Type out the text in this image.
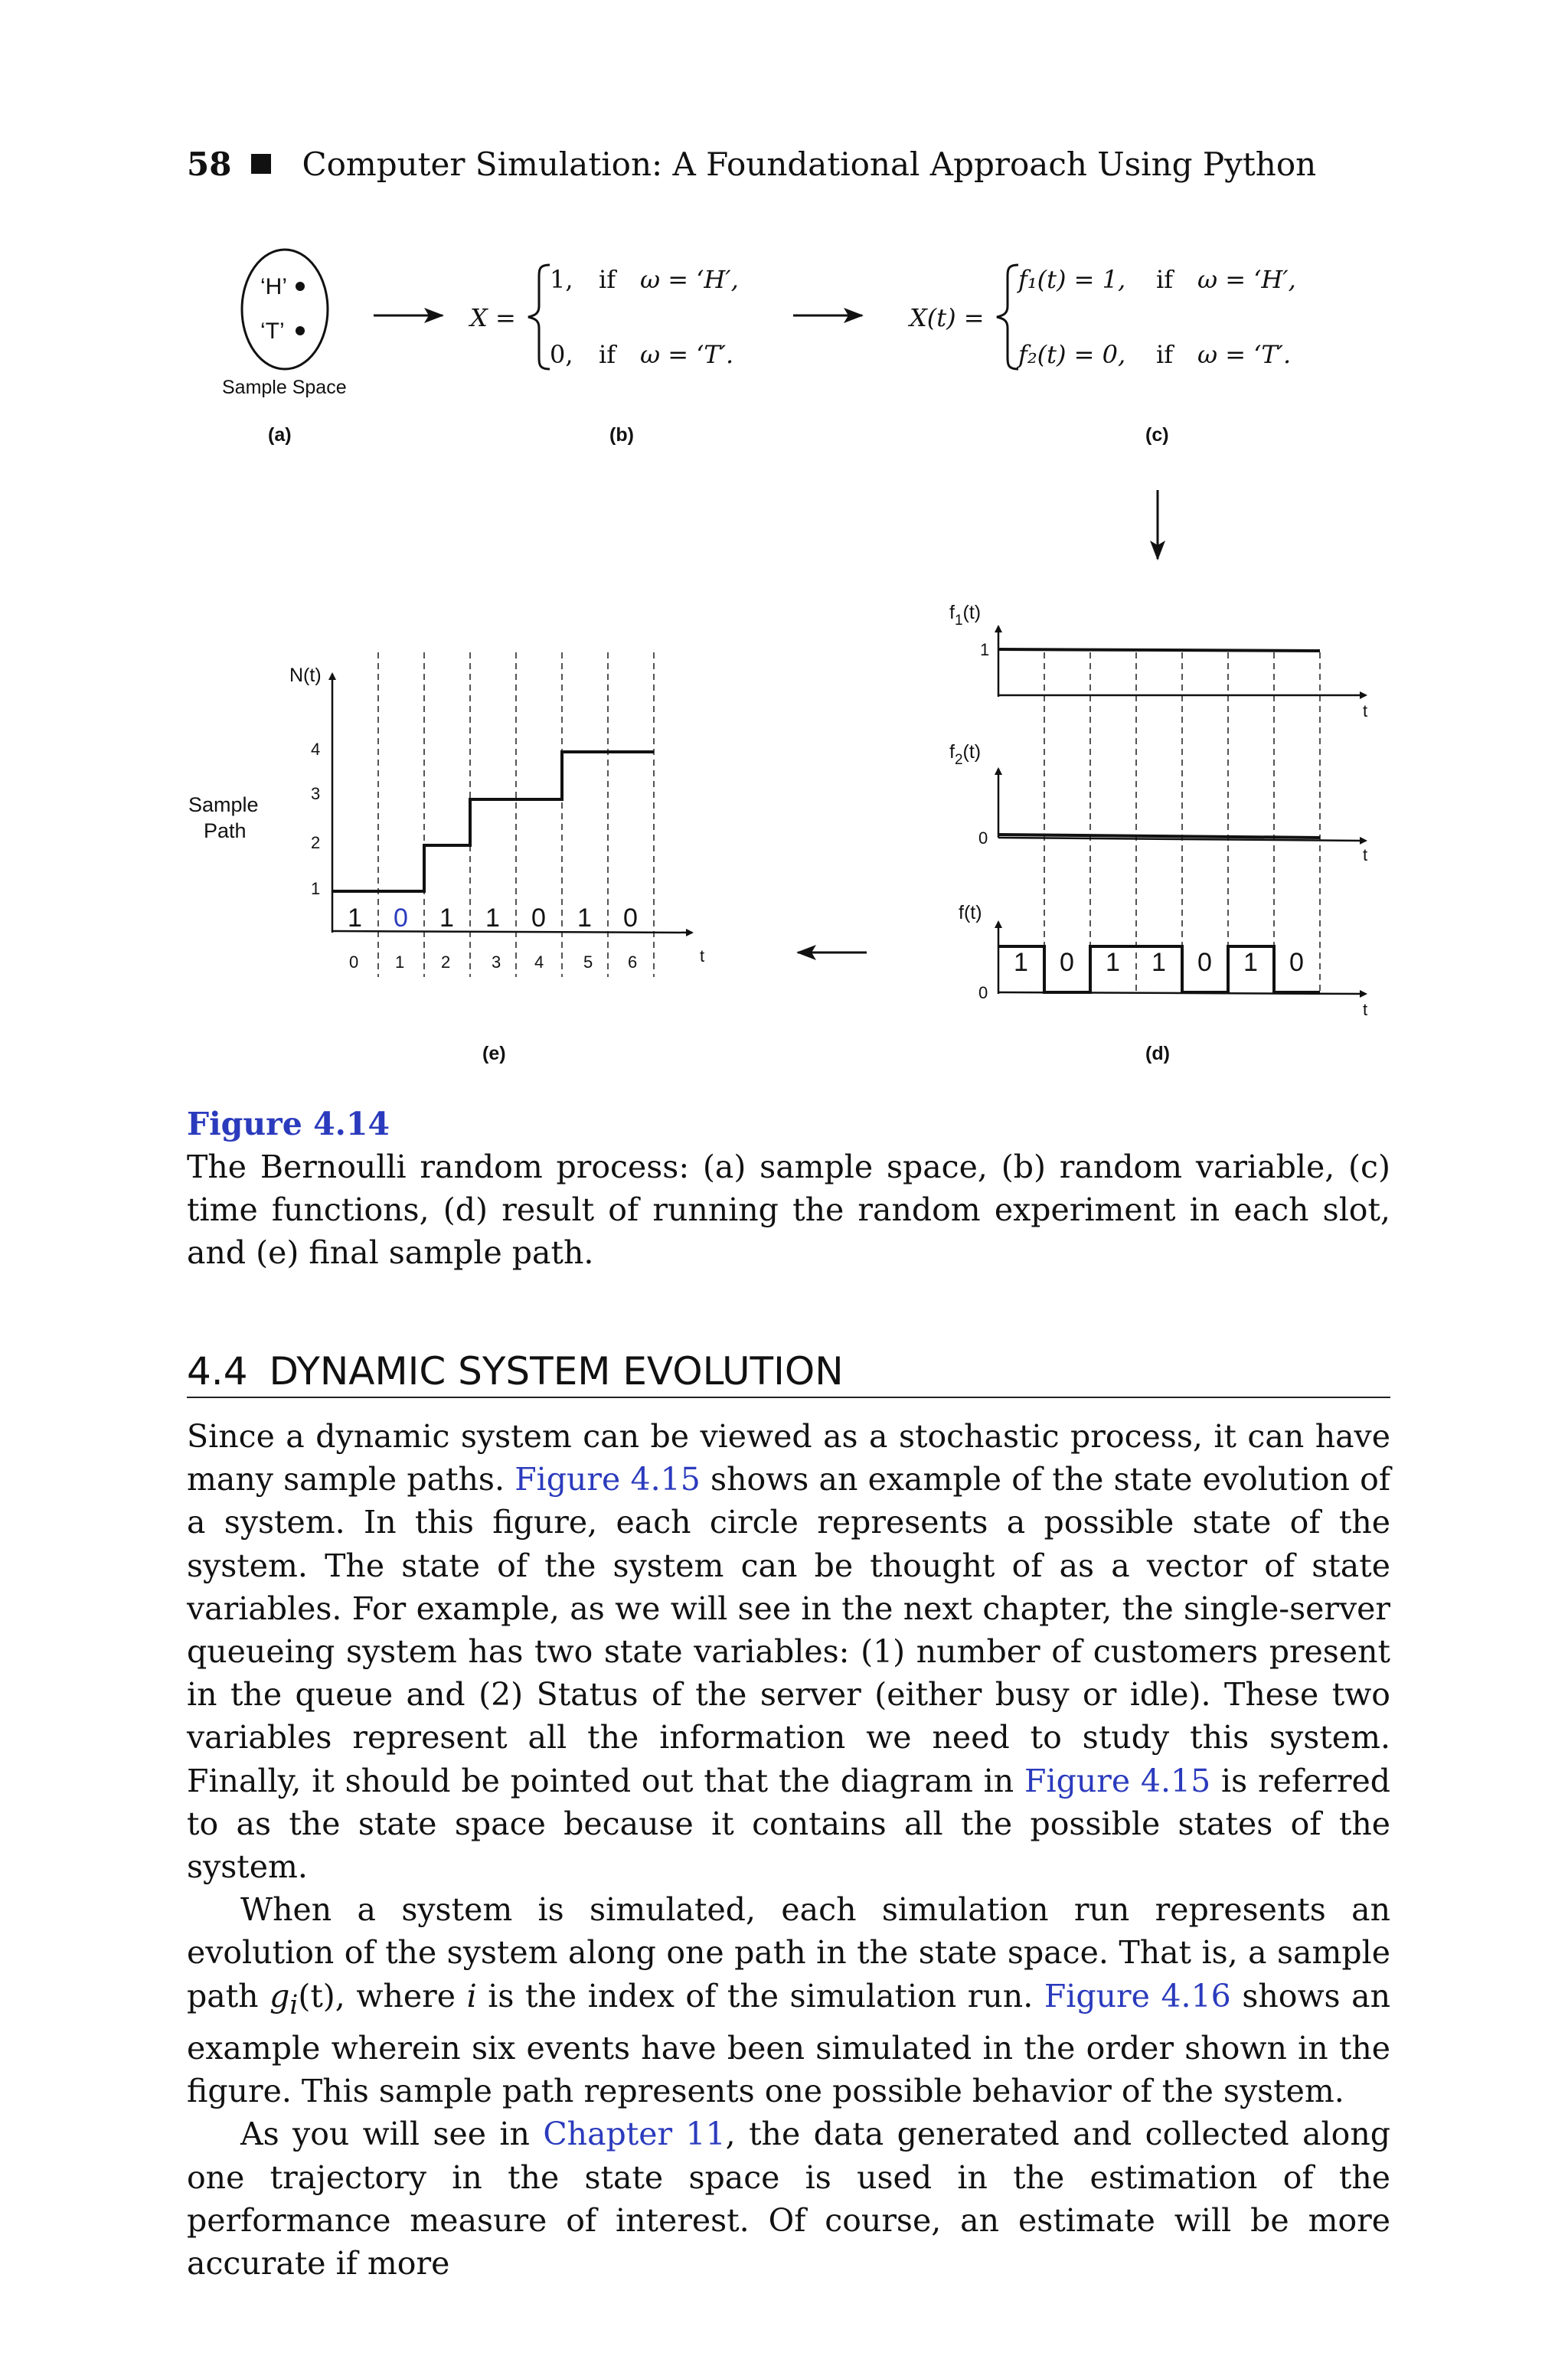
58 Computer Simulation: A Foundational Approach Using Python
‘H’
‘T’
Sample Space
(a)
X =
1, if ω = ‘H′,
0, if ω = ‘T′.
(b)
X(t) =
f₁(t) = 1, if ω = ‘H′,
f₂(t) = 0, if ω = ‘T′.
(c)
$f_1(t)$
1
t
$f_2(t)$
0
t
f(t)
0
1 0 1 1 0 1 0
t
(d)
Sample
Path
N(t)
t
1
2
3
4
0 1 2 3 4 5 6
1 0 1 1 0 1 0
(e)
Figure 4.14
The Bernoulli random process: (a) sample space, (b) random variable, (c) time functions, (d) result of running the random experiment in each slot, and (e) final sample path.
4.4 DYNAMIC SYSTEM EVOLUTION

Since a dynamic system can be viewed as a stochastic process, it can have many sample paths. Figure 4.15 shows an example of the state evolution of a system. In this figure, each circle represents a possible state of the system. The state of the system can be thought of as a vector of state variables. For example, as we will see in the next chapter, the single-server queueing system has two state variables: (1) number of customers present in the queue and (2) Status of the server (either busy or idle). These two variables represent all the information we need to study this system. Finally, it should be pointed out that the diagram in Figure 4.15 is referred to as the state space because it contains all the possible states of the system.

When a system is simulated, each simulation run represents an evolution of the system along one path in the state space. That is, a sample path $g_i(t)$, where i is the index of the simulation run. Figure 4.16 shows an example wherein six events have been simulated in the order shown in the figure. This sample path represents one possible behavior of the system.

As you will see in Chapter 11, the data generated and collected along one trajectory in the state space is used in the estimation of the performance measure of interest. Of course, an estimate will be more accurate if more
